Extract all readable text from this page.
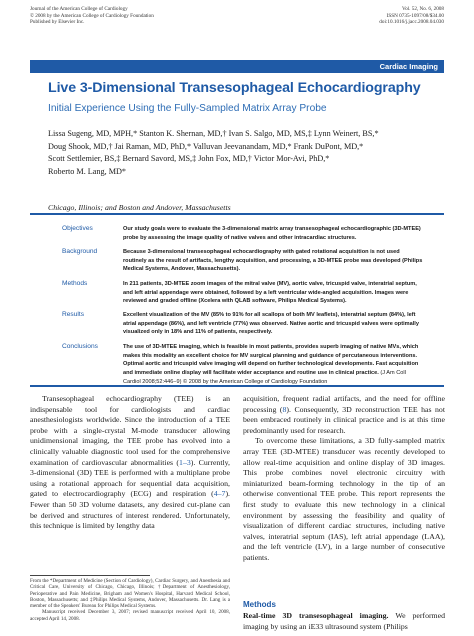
Journal of the American College of Cardiology
© 2008 by the American College of Cardiology Foundation
Published by Elsevier Inc.
Vol. 52, No. 6, 2008
ISSN 0735-1097/08/$34.00
doi:10.1016/j.jacc.2008.04.030
Cardiac Imaging
Live 3-Dimensional Transesophageal Echocardiography
Initial Experience Using the Fully-Sampled Matrix Array Probe

Lissa Sugeng, MD, MPH,* Stanton K. Shernan, MD,† Ivan S. Salgo, MD, MS,‡ Lynn Weinert, BS,*

Doug Shook, MD,† Jai Raman, MD, PhD,* Valluvan Jeevanandam, MD,* Frank DuPont, MD,*

Scott Settlemier, BS,‡ Bernard Savord, MS,‡ John Fox, MD,† Victor Mor-Avi, PhD,*

Roberto M. Lang, MD*

Chicago, Illinois; and Boston and Andover, Massachusetts
Objectives	Our study goals were to evaluate the 3-dimensional matrix array transesophageal echocardiographic (3D-MTEE) probe by assessing the image quality of native valves and other intracardiac structures.
Background	Because 3-dimensional transesophageal echocardiography with gated rotational acquisition is not used routinely as the result of artifacts, lengthy acquisition, and processing, a 3D-MTEE probe was developed (Philips Medical Systems, Andover, Massachusetts).
Methods	In 211 patients, 3D-MTEE zoom images of the mitral valve (MV), aortic valve, tricuspid valve, interatrial septum, and left atrial appendage were obtained, followed by a left ventricular wide-angled acquisition. Images were reviewed and graded offline (Xcelera with QLAB software, Philips Medical Systems).
Results	Excellent visualization of the MV (85% to 91% for all scallops of both MV leaflets), interatrial septum (84%), left atrial appendage (86%), and left ventricle (77%) was observed. Native aortic and tricuspid valves were optimally visualized only in 18% and 11% of patients, respectively.
Conclusions	The use of 3D-MTEE imaging, which is feasible in most patients, provides superb imaging of native MVs, which makes this modality an excellent choice for MV surgical planning and guidance of percutaneous interventions. Optimal aortic and tricuspid valve imaging will depend on further technological developments. Fast acquisition and immediate online display will facilitate wider acceptance and routine use in clinical practice. (J Am Coll Cardiol 2008;52:446–9) © 2008 by the American College of Cardiology Foundation

Transesophageal echocardiography (TEE) is an indispensable tool for cardiologists and cardiac anesthesiologists worldwide. Since the introduction of a TEE probe with a single-crystal M-mode transducer allowing unidimensional imaging, the TEE probe has evolved into a clinically valuable diagnostic tool used for the comprehensive examination of cardiovascular abnormalities (1–3). Currently, 3-dimensional (3D) TEE is performed with a multiplane probe using a rotational approach for sequential data acquisition, gated to electrocardiography (ECG) and respiration (4–7). Fewer than 50 3D volume datasets, any desired cut-plane can be derived and structures of interest rendered. Unfortunately, this technique is limited by lengthy data

acquisition, frequent radial artifacts, and the need for offline processing (8). Consequently, 3D reconstruction TEE has not been embraced routinely in clinical practice and is at this time predominantly used for research.

To overcome these limitations, a 3D fully-sampled matrix array TEE (3D-MTEE) transducer was recently developed to allow real-time acquisition and online display of 3D images. This probe combines novel electronic circuitry with miniaturized beam-forming technology in the tip of an otherwise conventional TEE probe. This report represents the first study to evaluate this new technology in a clinical environment by assessing the feasibility and quality of visualization of different cardiac structures, including native valves, interatrial septum (IAS), left atrial appendage (LAA), and the left ventricle (LV), in a large number of consecutive patients.

From the *Department of Medicine (Section of Cardiology), Cardiac Surgery, and Anesthesia and Critical Care, University of Chicago, Chicago, Illinois; †Department of Anesthesiology, Perioperative and Pain Medicine, Brigham and Women's Hospital, Harvard Medical School, Boston, Massachusetts; and ‡Philips Medical Systems, Andover, Massachusetts. Dr. Lang is a member of the Speakers' Bureau for Philips Medical Systems.

Manuscript received December 3, 2007; revised manuscript received April 10, 2008, accepted April 14, 2008.

Methods
Real-time 3D transesophageal imaging. We performed imaging by using an iE33 ultrasound system (Philips
